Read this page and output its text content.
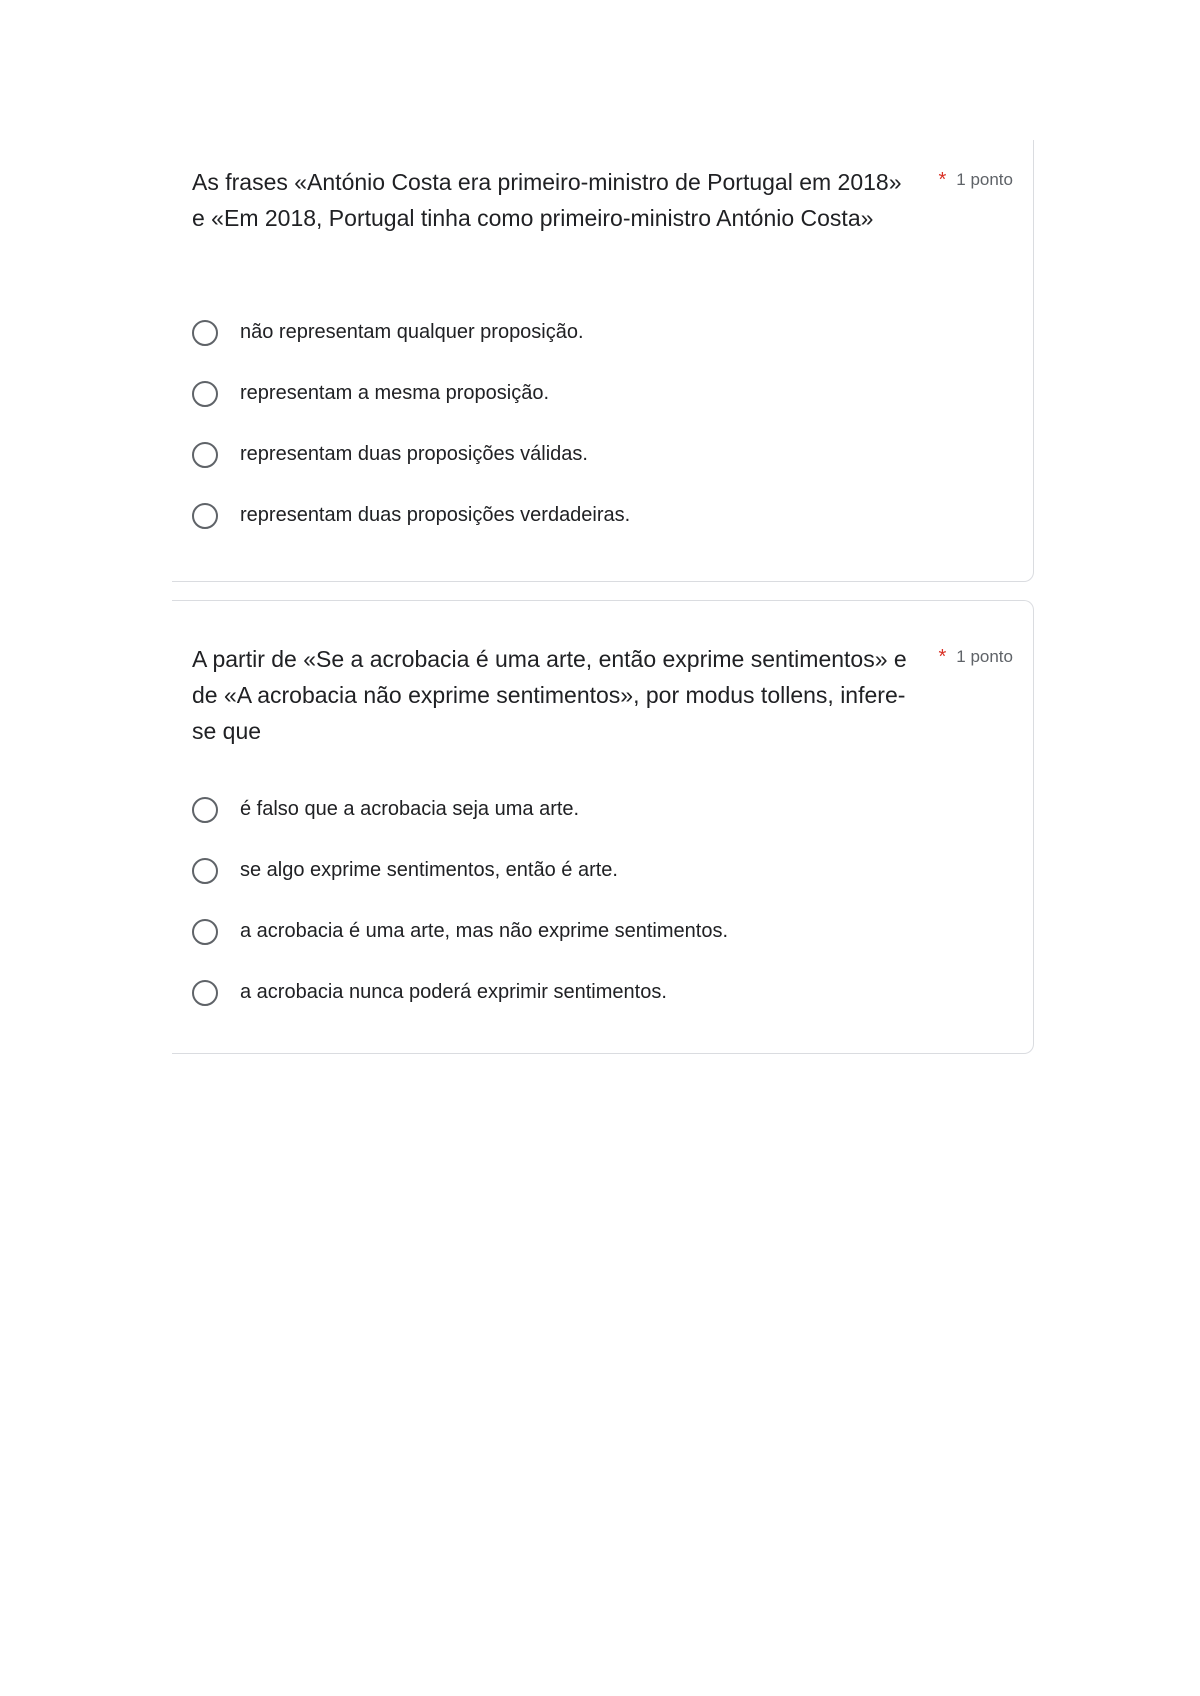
As frases «António Costa era primeiro-ministro de Portugal em 2018» e «Em 2018, Portugal tinha como primeiro-ministro António Costa»
* 1 ponto
não representam qualquer proposição.
representam a mesma proposição.
representam duas proposições válidas.
representam duas proposições verdadeiras.
A partir de «Se a acrobacia é uma arte, então exprime sentimentos» e de «A acrobacia não exprime sentimentos», por modus tollens, infere-se que
* 1 ponto
é falso que a acrobacia seja uma arte.
se algo exprime sentimentos, então é arte.
a acrobacia é uma arte, mas não exprime sentimentos.
a acrobacia nunca poderá exprimir sentimentos.
